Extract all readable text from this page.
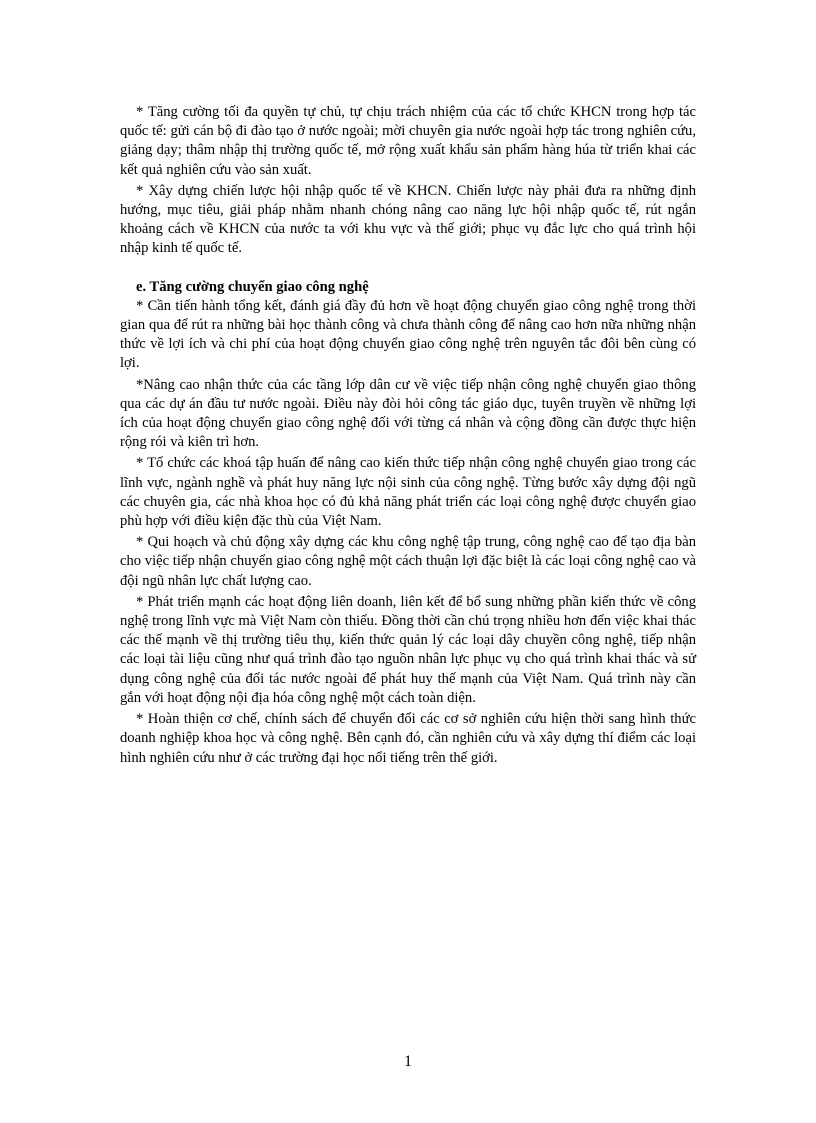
* Tăng cường tối đa quyền tự chủ, tự chịu trách nhiệm của các tổ chức KHCN trong hợp tác quốc tế: gửi cán bộ đi đào tạo ở nước ngoài; mời chuyên gia nước ngoài hợp tác trong nghiên cứu, giảng dạy; thâm nhập thị trường quốc tế, mở rộng xuất khẩu sản phẩm hàng húa từ triển khai các kết quả nghiên cứu vào sản xuất.

* Xây dựng chiến lược hội nhập quốc tế về KHCN. Chiến lược này phải đưa ra những định hướng, mục tiêu, giải pháp nhằm nhanh chóng nâng cao năng lực hội nhập quốc tế, rút ngắn khoảng cách về KHCN của nước ta với khu vực và thế giới; phục vụ đắc lực cho quá trình hội nhập kinh tế quốc tế.

e. Tăng cường chuyển giao công nghệ

* Cần tiến hành tổng kết, đánh giá đầy đủ hơn về hoạt động chuyển giao công nghệ trong thời gian qua để rút ra những bài học thành công và chưa thành công để nâng cao hơn nữa những nhận thức về lợi ích và chi phí của hoạt động chuyển giao công nghệ trên nguyên tắc đôi bên cùng có lợi.

*Nâng cao nhận thức của các tầng lớp dân cư về việc tiếp nhận công nghệ chuyển giao thông qua các dự án đầu tư nước ngoài. Điều này đòi hỏi công tác giáo dục, tuyên truyền về những lợi ích của hoạt động chuyển giao công nghệ đối với từng cá nhân và cộng đồng cần được thực hiện rộng rói và kiên trì hơn.

* Tổ chức các khoá tập huấn để nâng cao kiến thức tiếp nhận công nghệ chuyển giao trong các lĩnh vực, ngành nghề và phát huy năng lực nội sinh của công nghệ. Từng bước xây dựng đội ngũ các chuyên gia, các nhà khoa học có đủ khả năng phát triển các loại công nghệ được chuyển giao phù hợp với điều kiện đặc thù của Việt Nam.

* Qui hoạch và chủ động xây dựng các khu công nghệ tập trung, công nghệ cao để tạo địa bàn cho việc tiếp nhận chuyển giao công nghệ một cách thuận lợi đặc biệt là các loại công nghệ cao và đội ngũ nhân lực chất lượng cao.

* Phát triển mạnh các hoạt động liên doanh, liên kết để bổ sung những phần kiến thức về công nghệ trong lĩnh vực mà Việt Nam còn thiếu. Đồng thời cần chú trọng nhiều hơn đến việc khai thác các thế mạnh về thị trường tiêu thụ, kiến thức quản lý các loại dây chuyền công nghệ, tiếp nhận các loại tài liệu cũng như quá trình đào tạo nguồn nhân lực phục vụ cho quá trình khai thác và sử dụng công nghệ của đối tác nước ngoài để phát huy thế mạnh của Việt Nam. Quá trình này cần gắn với hoạt động nội địa hóa công nghệ một cách toàn diện.

* Hoàn thiện cơ chế, chính sách để chuyển đổi các cơ sở nghiên cứu hiện thời sang hình thức doanh nghiệp khoa học và công nghệ. Bên cạnh đó, cần nghiên cứu và xây dựng thí điểm các loại hình nghiên cứu như ở các trường đại học nổi tiếng trên thế giới.

1
